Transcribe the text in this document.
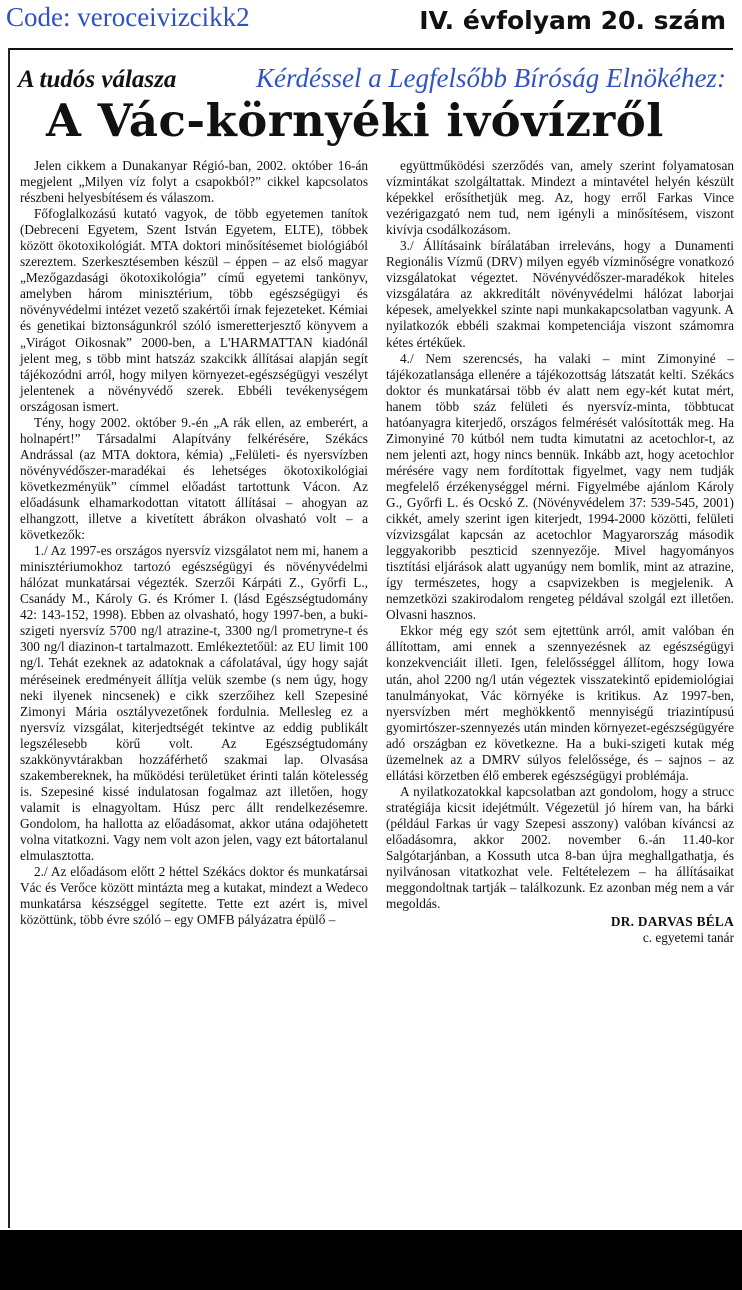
Code: veroceivizcikk2	IV. évfolyam 20. szám
A tudós válasza	Kérdéssel a Legfelsőbb Bíróság Elnökéhez:
A Vác-környéki ivóvízről

Jelen cikkem a Dunakanyar Régió-ban, 2002. október 16-án megjelent „Milyen víz folyt a csapokból?” cikkel kapcsolatos részbeni helyesbítésem és válaszom.

Főfoglalkozású kutató vagyok, de több egyetemen tanítok (Debreceni Egyetem, Szent István Egyetem, ELTE), többek között ökotoxikológiát. MTA doktori minősítésemet biológiából szereztem. Szerkesztésemben készül – éppen – az első magyar „Mezőgazdasági ökotoxikológia” című egyetemi tankönyv, amelyben három minisztérium, több egészségügyi és növényvédelmi intézet vezető szakértői írnak fejezeteket. Kémiai és genetikai biztonságunkról szóló ismeretterjesztő könyvem a „Virágot Oikosnak” 2000-ben, a L'HARMATTAN kiadónál jelent meg, s több mint hatszáz szakcikk állításai alapján segít tájékozódni arról, hogy milyen környezet-egészségügyi veszélyt jelentenek a növényvédő szerek. Ebbéli tevékenységem országosan ismert.

Tény, hogy 2002. október 9.-én „A rák ellen, az emberért, a holnapért!” Társadalmi Alapítvány felkérésére, Székács Andrással (az MTA doktora, kémia) „Felületi- és nyersvízben növényvédőszer-maradékai és lehetséges ökotoxikológiai következményük” címmel előadást tartottunk Vácon. Az előadásunk elhamarkodottan vitatott állításai – ahogyan az elhangzott, illetve a kivetített ábrákon olvasható volt – a következők:

1./ Az 1997-es országos nyersvíz vizsgálatot nem mi, hanem a minisztériumokhoz tartozó egészségügyi és növényvédelmi hálózat munkatársai végezték. Szerzői Kárpáti Z., Győrfi L., Csanády M., Károly G. és Krómer I. (lásd Egészségtudomány 42: 143-152, 1998). Ebben az olvasható, hogy 1997-ben, a buki-szigeti nyersvíz 5700 ng/l atrazine-t, 3300 ng/l prometryne-t és 300 ng/l diazinon-t tartalmazott. Emlékeztetőül: az EU limit 100 ng/l. Tehát ezeknek az adatoknak a cáfolatával, úgy hogy saját méréseinek eredményeit állítja velük szembe (s nem úgy, hogy neki ilyenek nincsenek) e cikk szerzőihez kell Szepesiné Zimonyi Mária osztályvezetőnek fordulnia. Mellesleg ez a nyersvíz vizsgálat, kiterjedtségét tekintve az eddig publikált legszélesebb körű volt. Az Egészségtudomány szakkönyvtárakban hozzáférhető szakmai lap. Olvasása szakembereknek, ha működési területüket érinti talán kötelesség is. Szepesiné kissé indulatosan fogalmaz azt illetően, hogy valamit is elnagyoltam. Húsz perc állt rendelkezésemre. Gondolom, ha hallotta az előadásomat, akkor utána odajöhetett volna vitatkozni. Vagy nem volt azon jelen, vagy ezt bátortalanul elmulasztotta.

2./ Az előadásom előtt 2 héttel Székács doktor és munkatársai Vác és Verőce között mintázta meg a kutakat, mindezt a Wedeco munkatársa készséggel segítette. Tette ezt azért is, mivel közöttünk, több évre szóló – egy OMFB pályázatra épülő –

együttműködési szerződés van, amely szerint folyamatosan vízmintákat szolgáltattak. Mindezt a mintavétel helyén készült képekkel erősíthetjük meg. Az, hogy erről Farkas Vince vezérigazgató nem tud, nem igényli a minősítésem, viszont kivívja csodálkozásom.

3./ Állításaink bírálatában irreleváns, hogy a Dunamenti Regionális Vízmű (DRV) milyen egyéb vízminőségre vonatkozó vizsgálatokat végeztet. Növényvédőszer-maradékok hiteles vizsgálatára az akkreditált növényvédelmi hálózat laborjai képesek, amelyekkel szinte napi munkakapcsolatban vagyunk. A nyilatkozók ebbéli szakmai kompetenciája viszont számomra kétes értékűek.

4./ Nem szerencsés, ha valaki – mint Zimonyiné – tájékozatlansága ellenére a tájékozottság látszatát kelti. Székács doktor és munkatársai több év alatt nem egy-két kutat mért, hanem több száz felületi és nyersvíz-minta, többtucat hatóanyagra kiterjedő, országos felmérését valósították meg. Ha Zimonyiné 70 kútból nem tudta kimutatni az acetochlor-t, az nem jelenti azt, hogy nincs bennük. Inkább azt, hogy acetochlor mérésére vagy nem fordítottak figyelmet, vagy nem tudják megfelelő érzékenységgel mérni. Figyelmébe ajánlom Károly G., Győrfi L. és Ocskó Z. (Növényvédelem 37: 539-545, 2001) cikkét, amely szerint igen kiterjedt, 1994-2000 közötti, felületi vízvizsgálat kapcsán az acetochlor Magyarország második leggyakoribb peszticid szennyezője. Mivel hagyományos tisztítási eljárások alatt ugyanúgy nem bomlik, mint az atrazine, így természetes, hogy a csapvizekben is megjelenik. A nemzetközi szakirodalom rengeteg példával szolgál ezt illetően. Olvasni hasznos.

Ekkor még egy szót sem ejtettünk arról, amit valóban én állítottam, ami ennek a szennyezésnek az egészségügyi konzekvenciáit illeti. Igen, felelősséggel állítom, hogy Iowa után, ahol 2200 ng/l után végeztek visszatekintő epidemiológiai tanulmányokat, Vác környéke is kritikus. Az 1997-ben, nyersvízben mért meghökkentő mennyiségű triazintípusú gyomirtószer-szennyezés után minden környezet-egészségügyére adó országban ez következne. Ha a buki-szigeti kutak még üzemelnek az a DMRV súlyos felelőssége, és – sajnos – az ellátási körzetben élő emberek egészségügyi problémája.

A nyilatkozatokkal kapcsolatban azt gondolom, hogy a strucc stratégiája kicsit idejétmúlt. Végezetül jó hírem van, ha bárki (például Farkas úr vagy Szepesi asszony) valóban kíváncsi az előadásomra, akkor 2002. november 6.-án 11.40-kor Salgótarjánban, a Kossuth utca 8-ban újra meghallgathatja, és nyilvánosan vitatkozhat vele. Feltételezem – ha állításaikat meggondoltnak tartják – találkozunk. Ez azonban még nem a vár megoldás.

DR. DARVAS BÉLA
c. egyetemi tanár
